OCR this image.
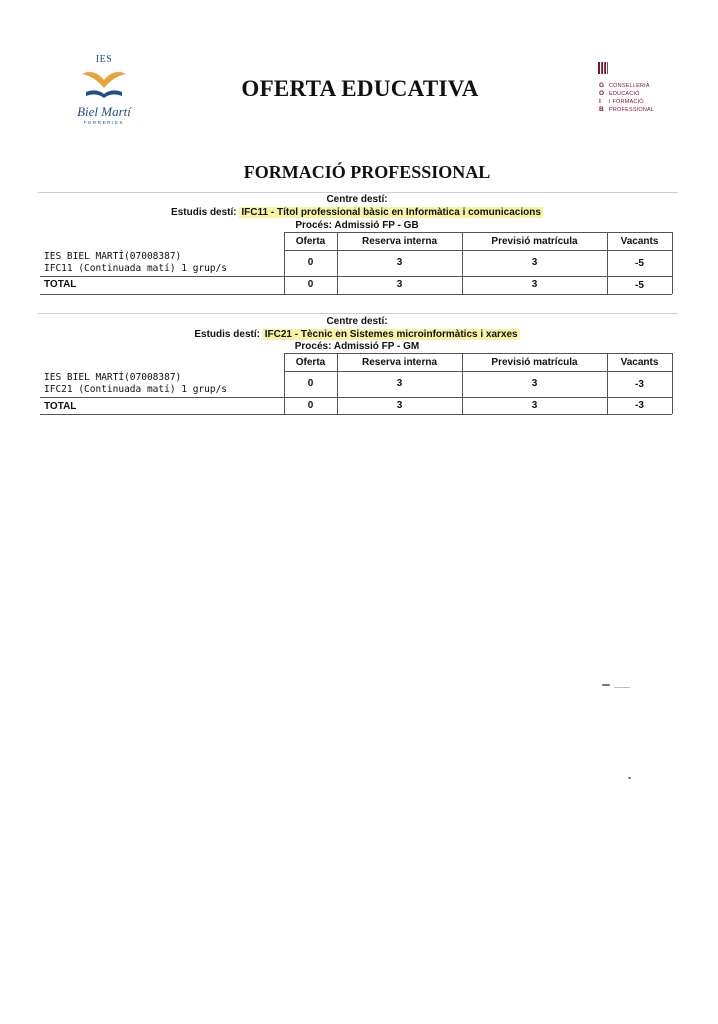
IES
Biel Martí
FERRERIES
OFERTA EDUCATIVA	G
O
I
B
CONSELLERIA
EDUCACIÓ
I FORMACIÓ
PROFESSIONAL
FORMACIÓ PROFESSIONAL
Centre destí:
Estudis destí: IFC11 - Títol professional bàsic en Informàtica i comunicacions
Procés: Admissió FP - GB
Oferta	Reserva interna	Previsió matrícula	Vacants
IES BIEL MARTÍ(07008387)
IFC11 (Continuada matí) 1 grup/s
0	3	3	-5
TOTAL	0	3	3	-5
Centre destí:
Estudis destí: IFC21 - Tècnic en Sistemes microinformàtics i xarxes
Procés: Admissió FP - GM
Oferta	Reserva interna	Previsió matrícula	Vacants
IES BIEL MARTÍ(07008387)
IFC21 (Continuada matí) 1 grup/s
0	3	3	-3
TOTAL	0	3	3	-3
